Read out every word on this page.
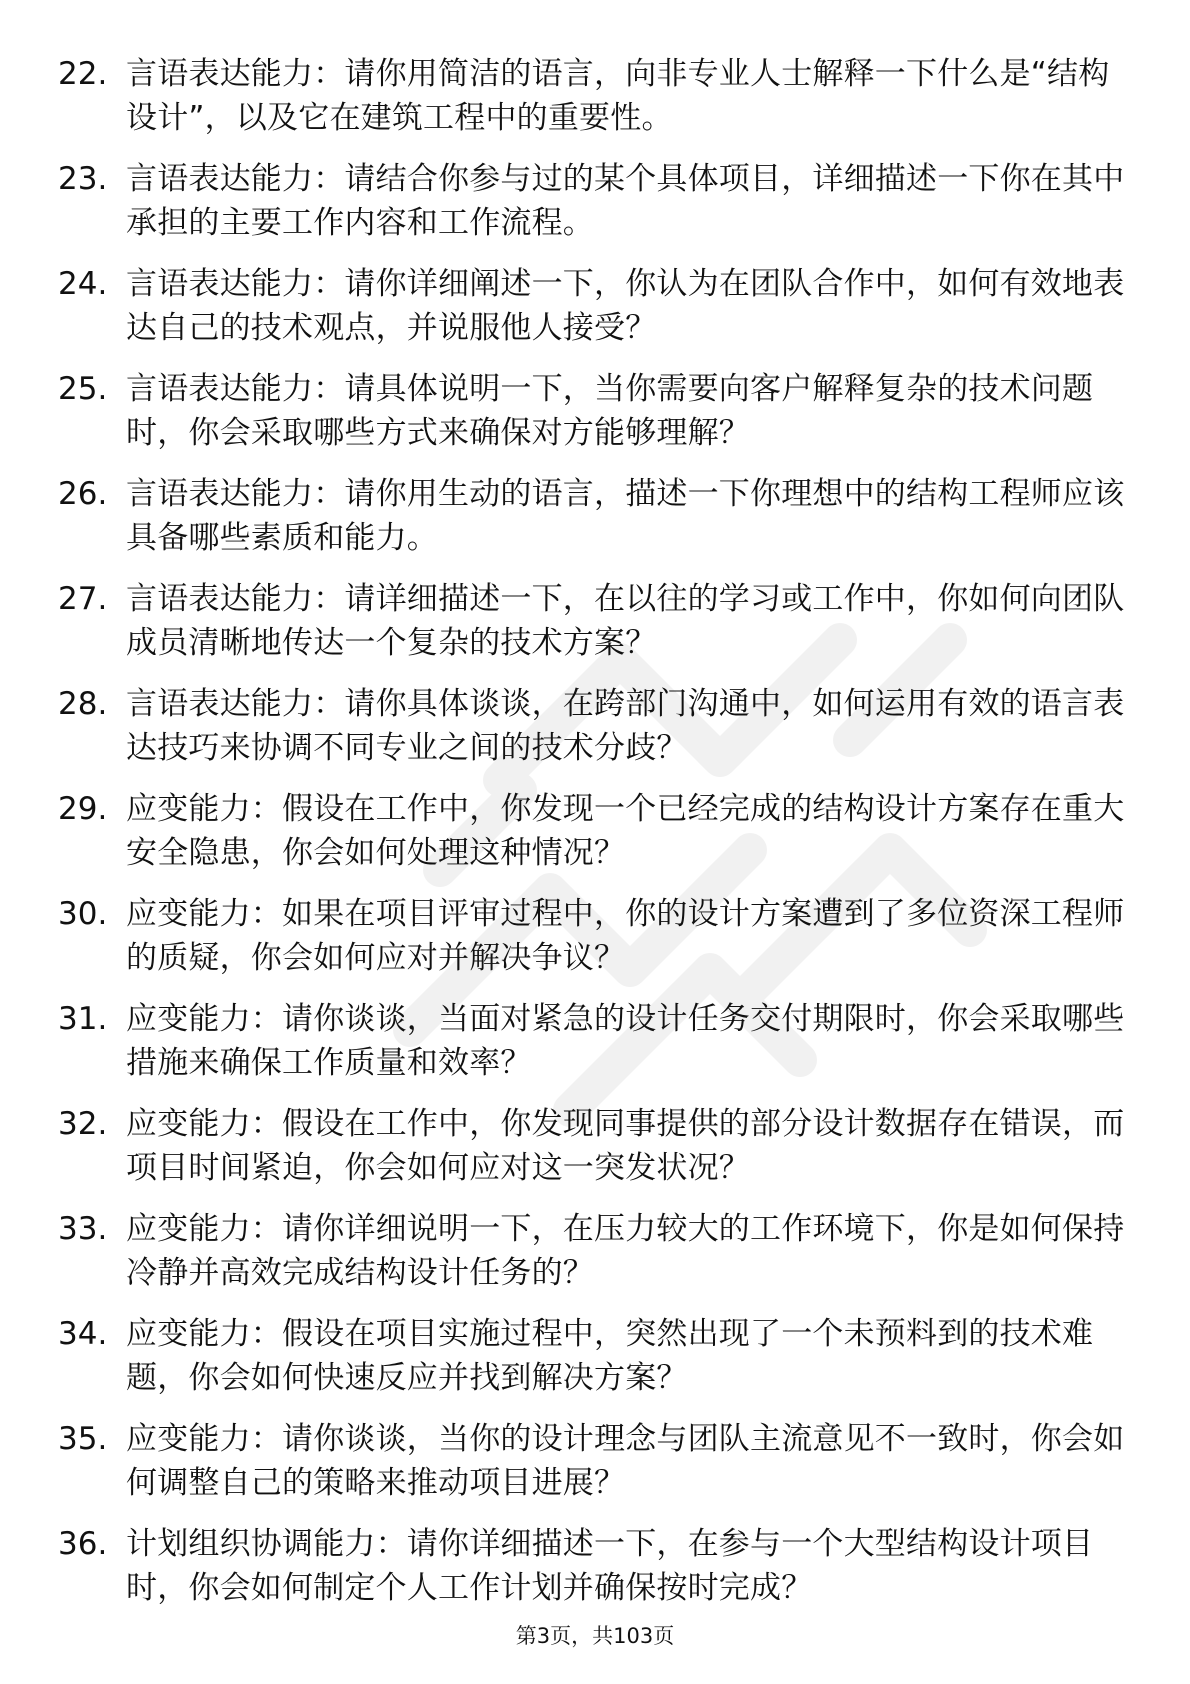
22. 言语表达能力：请你用简洁的语言，向非专业人士解释一下什么是“结构设计”，以及它在建筑工程中的重要性。
23. 言语表达能力：请结合你参与过的某个具体项目，详细描述一下你在其中承担的主要工作内容和工作流程。
24. 言语表达能力：请你详细阐述一下，你认为在团队合作中，如何有效地表达自己的技术观点，并说服他人接受？
25. 言语表达能力：请具体说明一下，当你需要向客户解释复杂的技术问题时，你会采取哪些方式来确保对方能够理解？
26. 言语表达能力：请你用生动的语言，描述一下你理想中的结构工程师应该具备哪些素质和能力。
27. 言语表达能力：请详细描述一下，在以往的学习或工作中，你如何向团队成员清晰地传达一个复杂的技术方案？
28. 言语表达能力：请你具体谈谈，在跨部门沟通中，如何运用有效的语言表达技巧来协调不同专业之间的技术分歧？
29. 应变能力：假设在工作中，你发现一个已经完成的结构设计方案存在重大安全隐患，你会如何处理这种情况？
30. 应变能力：如果在项目评审过程中，你的设计方案遭到了多位资深工程师的质疑，你会如何应对并解决争议？
31. 应变能力：请你谈谈，当面对紧急的设计任务交付期限时，你会采取哪些措施来确保工作质量和效率？
32. 应变能力：假设在工作中，你发现同事提供的部分设计数据存在错误，而项目时间紧迫，你会如何应对这一突发状况？
33. 应变能力：请你详细说明一下，在压力较大的工作环境下，你是如何保持冷静并高效完成结构设计任务的？
34. 应变能力：假设在项目实施过程中，突然出现了一个未预料到的技术难题，你会如何快速反应并找到解决方案？
35. 应变能力：请你谈谈，当你的设计理念与团队主流意见不一致时，你会如何调整自己的策略来推动项目进展？
36. 计划组织协调能力：请你详细描述一下，在参与一个大型结构设计项目时，你会如何制定个人工作计划并确保按时完成？
第3页，共103页
